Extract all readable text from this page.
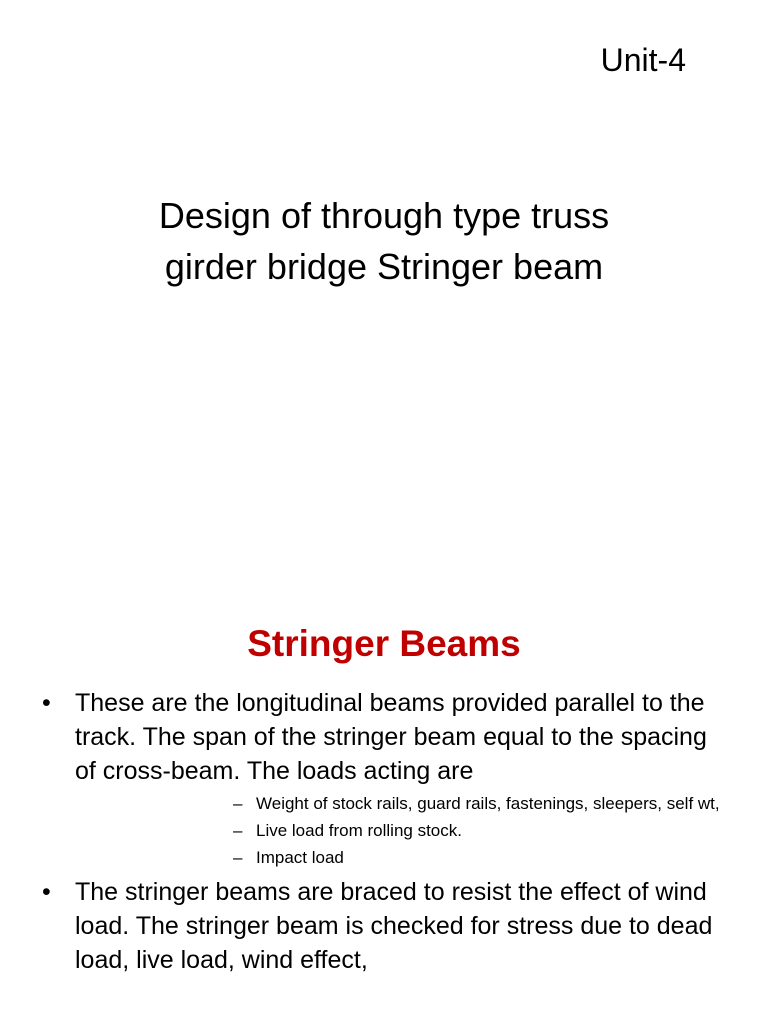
Unit-4
Design of through type truss
girder bridge Stringer beam
Stringer Beams
• These are the longitudinal beams provided parallel to the track. The span of the stringer beam equal to the spacing of cross-beam. The loads acting are
– Weight of stock rails, guard rails, fastenings, sleepers, self wt,
– Live load from rolling stock.
– Impact load
• The stringer beams are braced to resist the effect of wind load. The stringer beam is checked for stress due to dead load, live load, wind effect,
